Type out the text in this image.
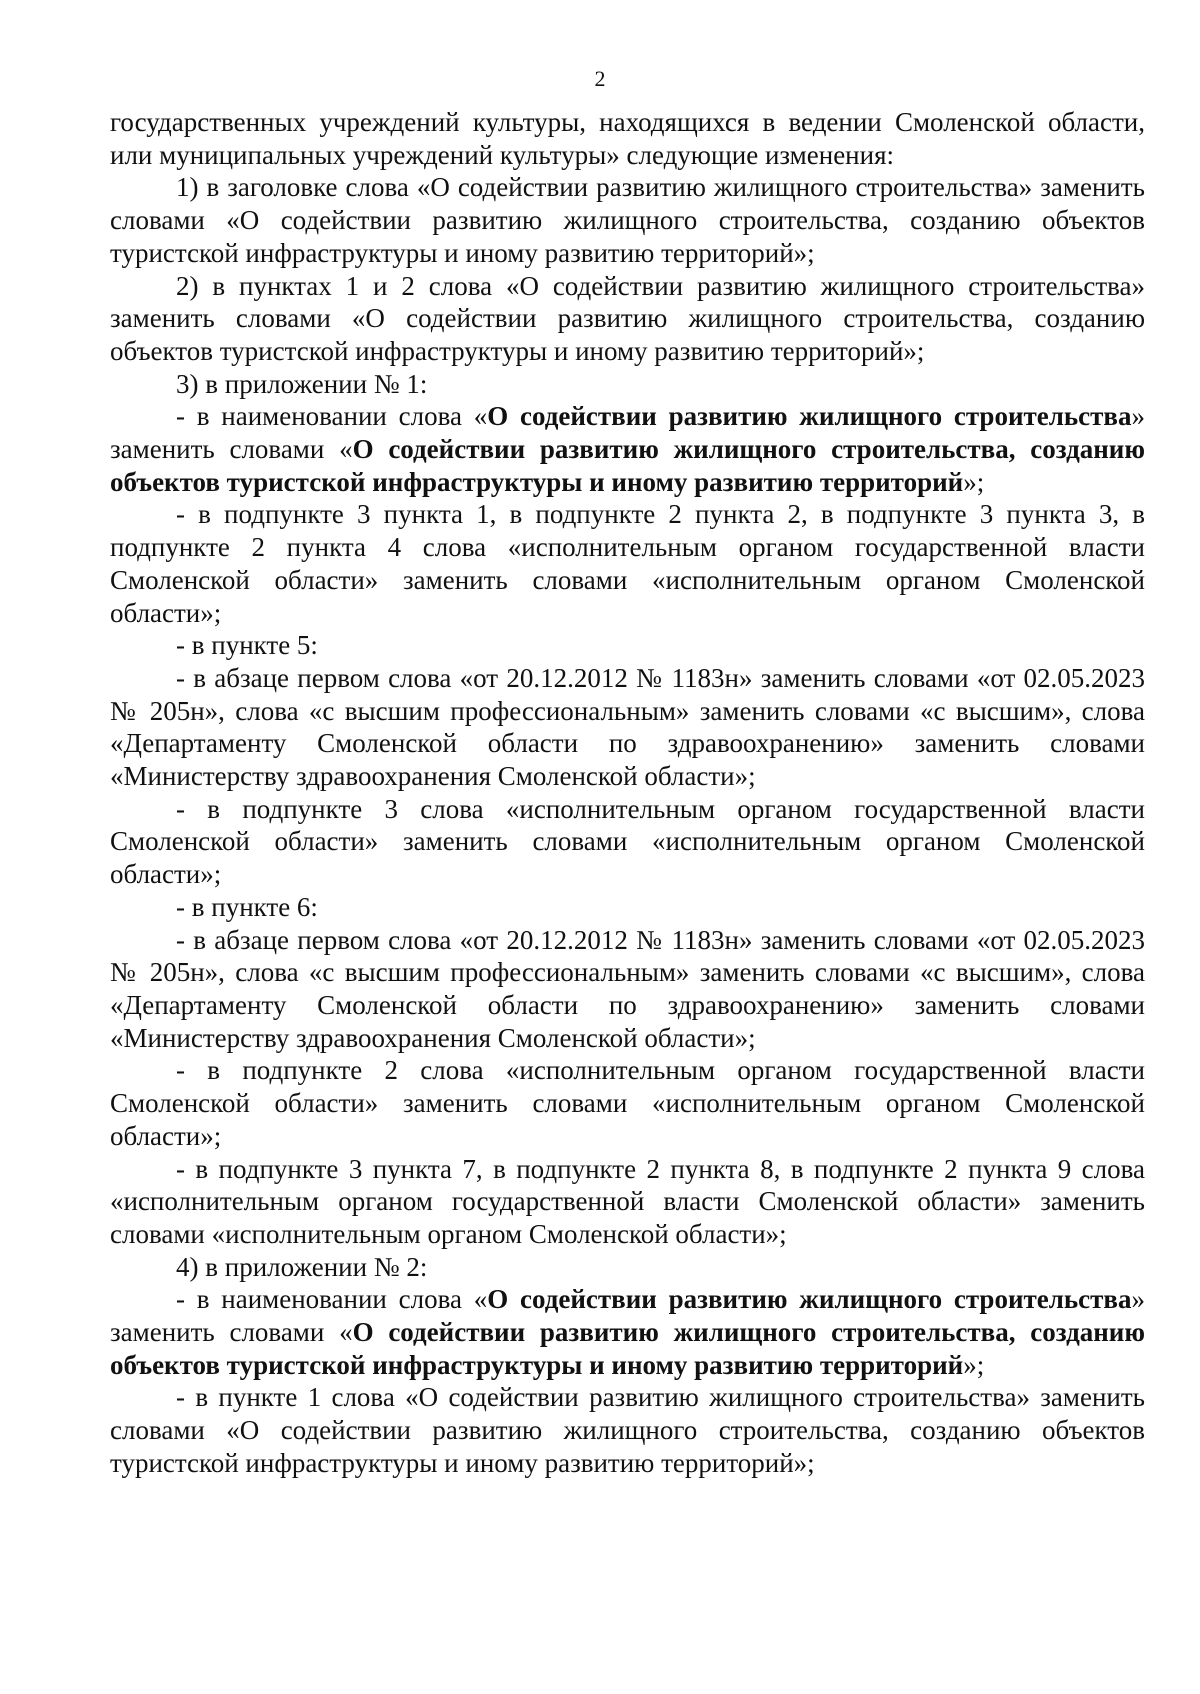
2

государственных учреждений культуры, находящихся в ведении Смоленской области, или муниципальных учреждений культуры» следующие изменения:

1) в заголовке слова «О содействии развитию жилищного строительства» заменить словами «О содействии развитию жилищного строительства, созданию объектов туристской инфраструктуры и иному развитию территорий»;

2) в пунктах 1 и 2 слова «О содействии развитию жилищного строительства» заменить словами «О содействии развитию жилищного строительства, созданию объектов туристской инфраструктуры и иному развитию территорий»;

3) в приложении № 1:

- в наименовании слова «О содействии развитию жилищного строительства» заменить словами «О содействии развитию жилищного строительства, созданию объектов туристской инфраструктуры и иному развитию территорий»;

- в подпункте 3 пункта 1, в подпункте 2 пункта 2, в подпункте 3 пункта 3, в подпункте 2 пункта 4 слова «исполнительным органом государственной власти Смоленской области» заменить словами «исполнительным органом Смоленской области»;

- в пункте 5:

- в абзаце первом слова «от 20.12.2012 № 1183н» заменить словами «от 02.05.2023 № 205н», слова «с высшим профессиональным» заменить словами «с высшим», слова «Департаменту Смоленской области по здравоохранению» заменить словами «Министерству здравоохранения Смоленской области»;

- в подпункте 3 слова «исполнительным органом государственной власти Смоленской области» заменить словами «исполнительным органом Смоленской области»;

- в пункте 6:

- в абзаце первом слова «от 20.12.2012 № 1183н» заменить словами «от 02.05.2023 № 205н», слова «с высшим профессиональным» заменить словами «с высшим», слова «Департаменту Смоленской области по здравоохранению» заменить словами «Министерству здравоохранения Смоленской области»;

- в подпункте 2 слова «исполнительным органом государственной власти Смоленской области» заменить словами «исполнительным органом Смоленской области»;

- в подпункте 3 пункта 7, в подпункте 2 пункта 8, в подпункте 2 пункта 9 слова «исполнительным органом государственной власти Смоленской области» заменить словами «исполнительным органом Смоленской области»;

4) в приложении № 2:

- в наименовании слова «О содействии развитию жилищного строительства» заменить словами «О содействии развитию жилищного строительства, созданию объектов туристской инфраструктуры и иному развитию территорий»;

- в пункте 1 слова «О содействии развитию жилищного строительства» заменить словами «О содействии развитию жилищного строительства, созданию объектов туристской инфраструктуры и иному развитию территорий»;
